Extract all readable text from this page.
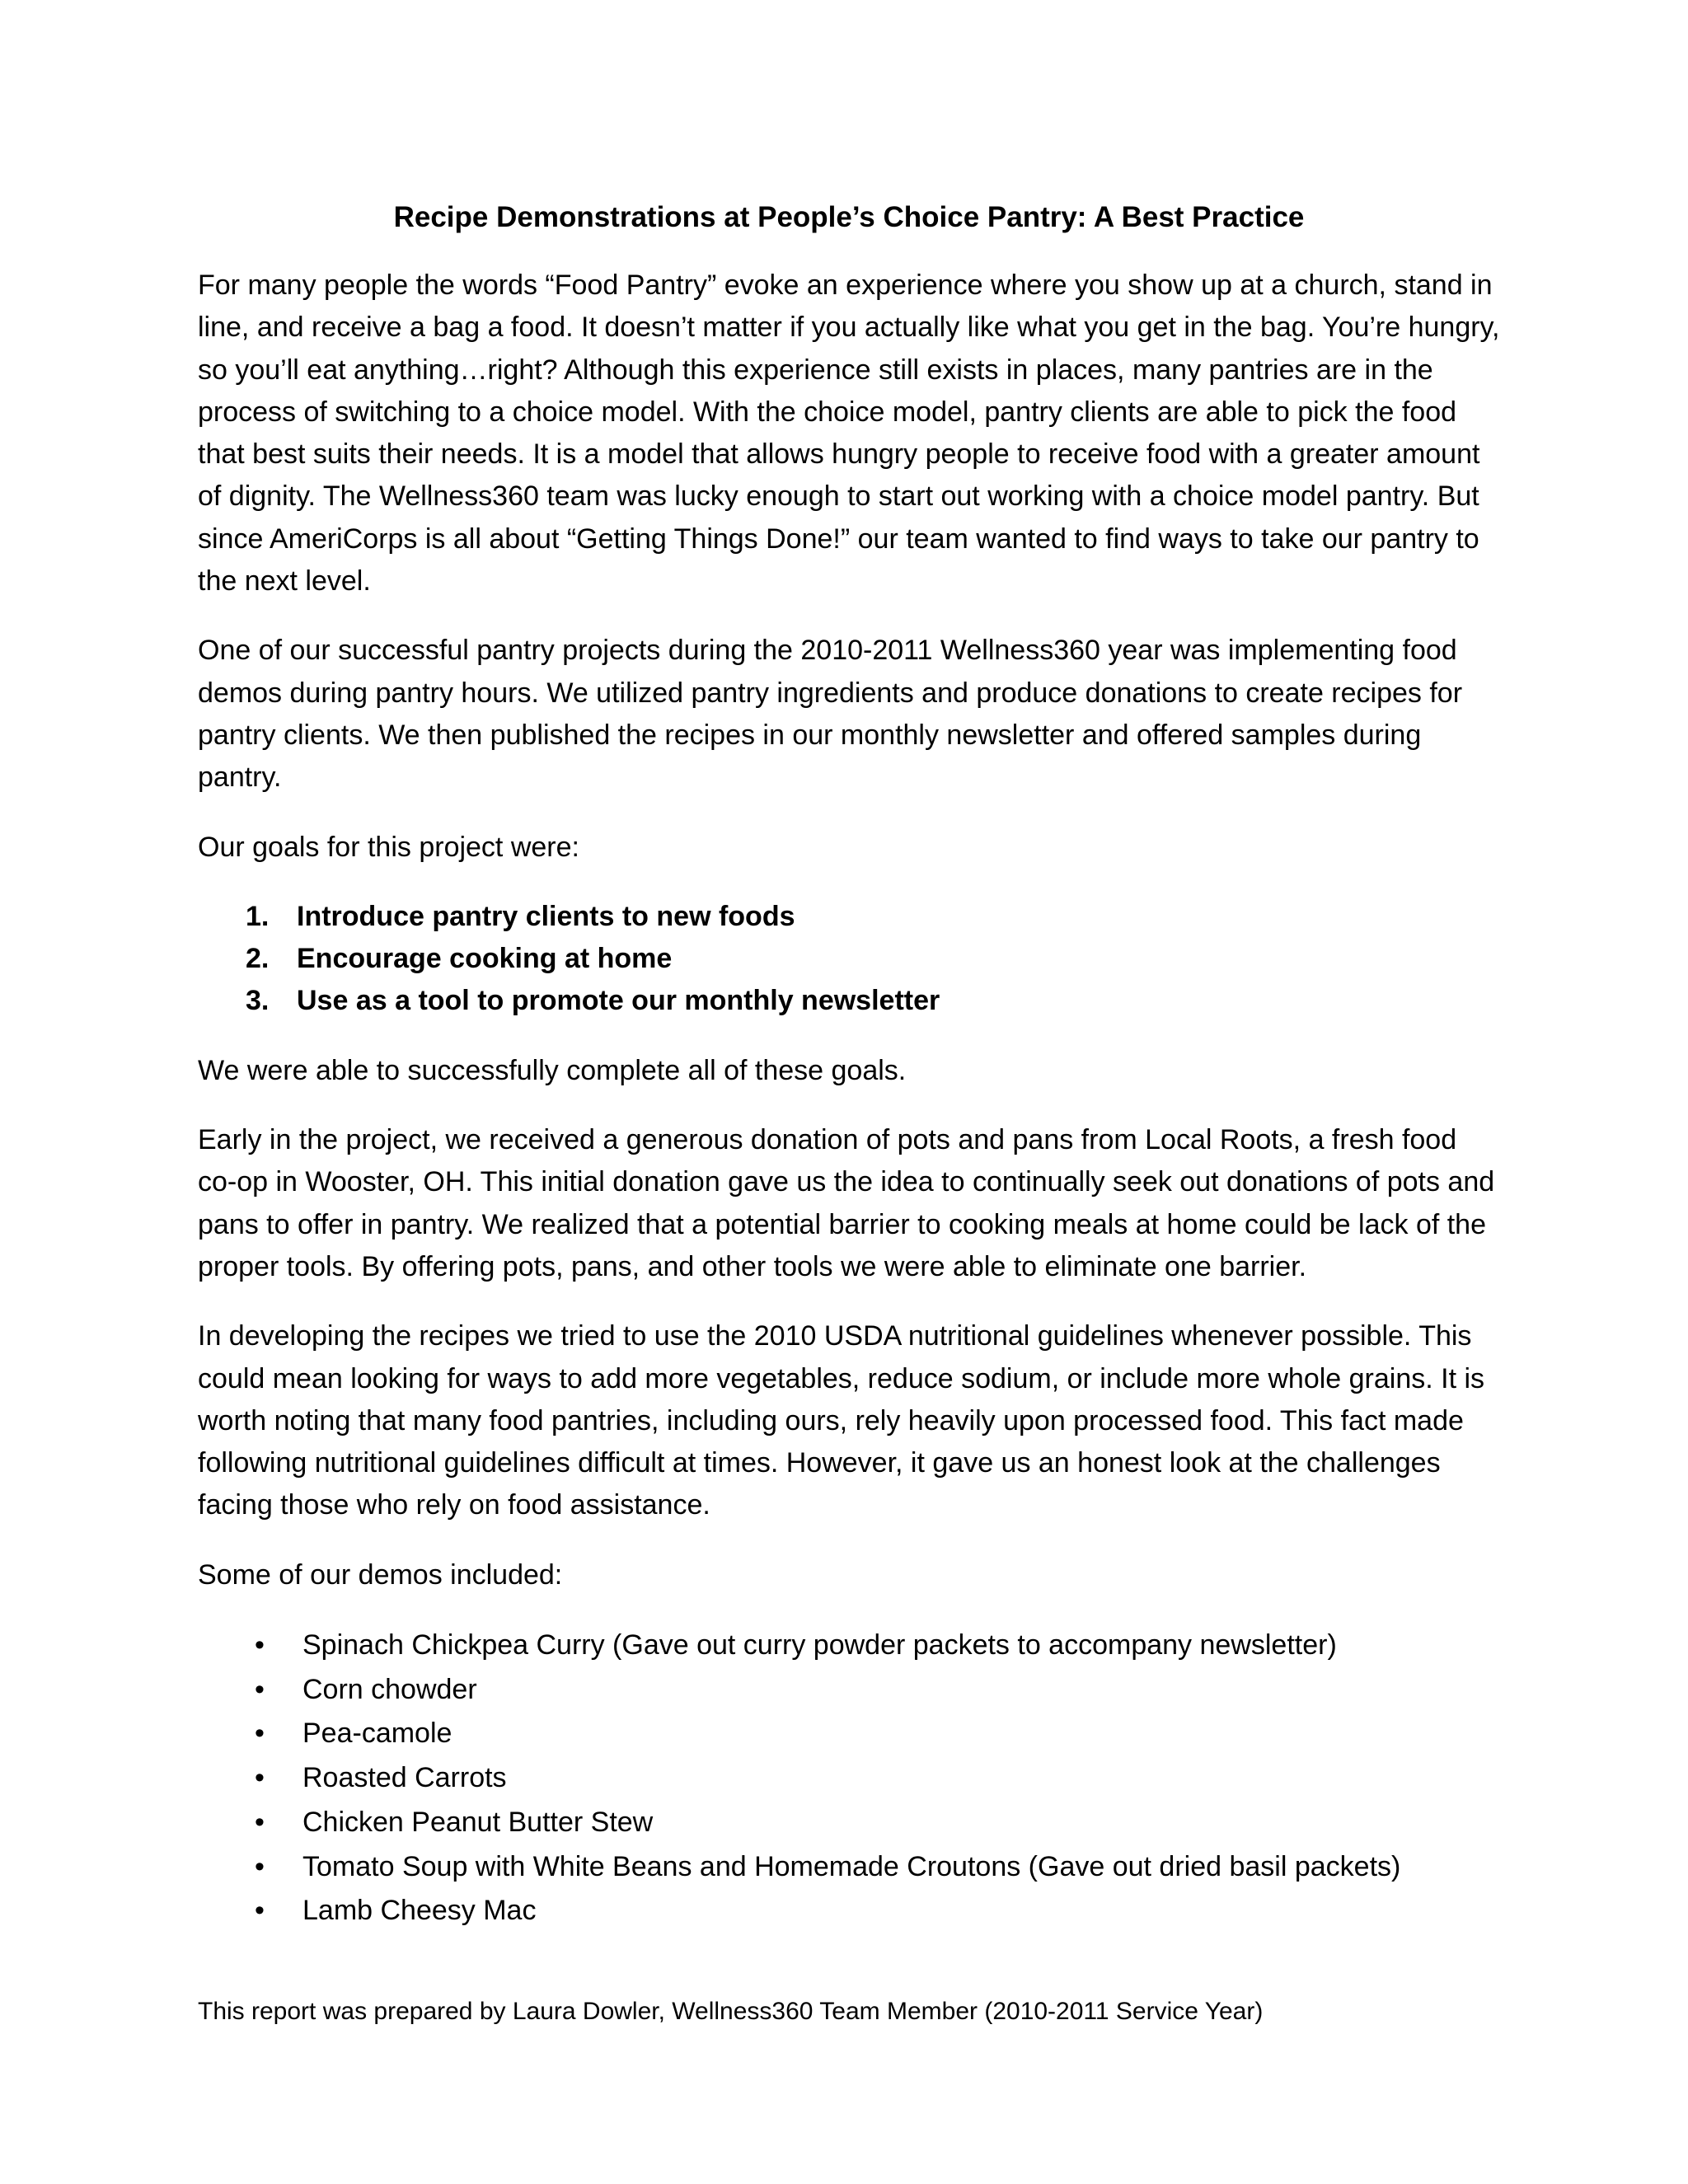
Recipe Demonstrations at People’s Choice Pantry: A Best Practice

For many people the words “Food Pantry” evoke an experience where you show up at a church, stand in line, and receive a bag a food. It doesn’t matter if you actually like what you get in the bag. You’re hungry, so you’ll eat anything…right? Although this experience still exists in places, many pantries are in the process of switching to a choice model. With the choice model, pantry clients are able to pick the food that best suits their needs. It is a model that allows hungry people to receive food with a greater amount of dignity. The Wellness360 team was lucky enough to start out working with a choice model pantry. But since AmeriCorps is all about “Getting Things Done!” our team wanted to find ways to take our pantry to the next level.

One of our successful pantry projects during the 2010-2011 Wellness360 year was implementing food demos during pantry hours. We utilized pantry ingredients and produce donations to create recipes for pantry clients. We then published the recipes in our monthly newsletter and offered samples during pantry.

Our goals for this project were:

1. Introduce pantry clients to new foods
2. Encourage cooking at home
3. Use as a tool to promote our monthly newsletter

We were able to successfully complete all of these goals.

Early in the project, we received a generous donation of pots and pans from Local Roots, a fresh food co-op in Wooster, OH. This initial donation gave us the idea to continually seek out donations of pots and pans to offer in pantry. We realized that a potential barrier to cooking meals at home could be lack of the proper tools. By offering pots, pans, and other tools we were able to eliminate one barrier.

In developing the recipes we tried to use the 2010 USDA nutritional guidelines whenever possible. This could mean looking for ways to add more vegetables, reduce sodium, or include more whole grains. It is worth noting that many food pantries, including ours, rely heavily upon processed food. This fact made following nutritional guidelines difficult at times. However, it gave us an honest look at the challenges facing those who rely on food assistance.

Some of our demos included:

• Spinach Chickpea Curry (Gave out curry powder packets to accompany newsletter)
• Corn chowder
• Pea-camole
• Roasted Carrots
• Chicken Peanut Butter Stew
• Tomato Soup with White Beans and Homemade Croutons (Gave out dried basil packets)
• Lamb Cheesy Mac
This report was prepared by Laura Dowler, Wellness360 Team Member (2010-2011 Service Year)
